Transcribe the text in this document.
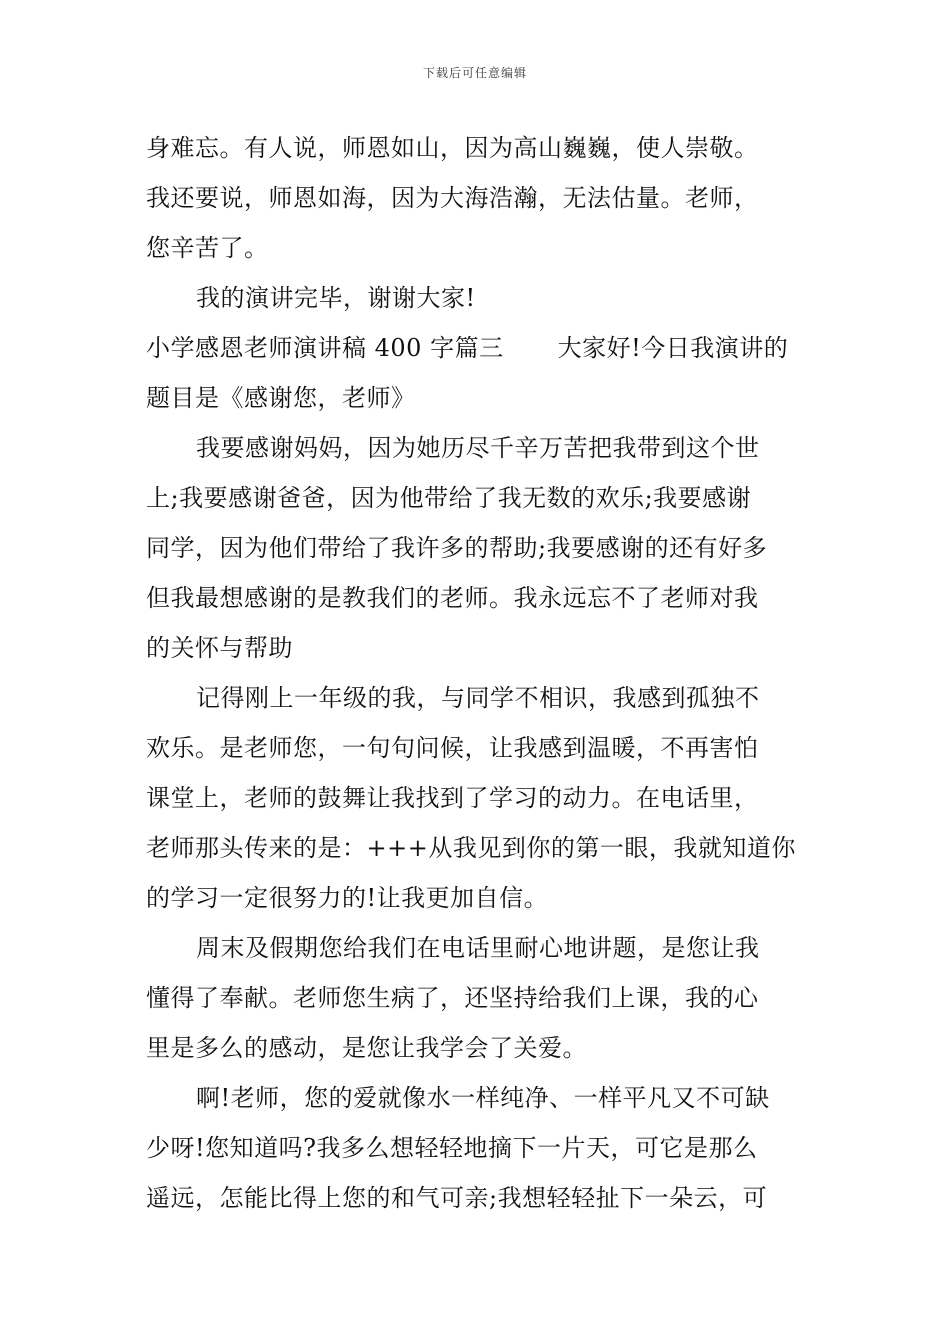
下载后可任意编辑
身难忘。有人说，师恩如山，因为高山巍巍，使人崇敬。
我还要说，师恩如海，因为大海浩瀚，无法估量。老师，
您辛苦了。
我的演讲完毕，谢谢大家!
小学感恩老师演讲稿 400 字篇三 大家好!今日我演讲的
题目是《感谢您，老师》
我要感谢妈妈，因为她历尽千辛万苦把我带到这个世
上;我要感谢爸爸，因为他带给了我无数的欢乐;我要感谢
同学，因为他们带给了我许多的帮助;我要感谢的还有好多
但我最想感谢的是教我们的老师。我永远忘不了老师对我
的关怀与帮助
记得刚上一年级的我，与同学不相识，我感到孤独不
欢乐。是老师您，一句句问候，让我感到温暖，不再害怕
课堂上，老师的鼓舞让我找到了学习的动力。在电话里，
老师那头传来的是：+++从我见到你的第一眼，我就知道你
的学习一定很努力的!让我更加自信。
周末及假期您给我们在电话里耐心地讲题，是您让我
懂得了奉献。老师您生病了，还坚持给我们上课，我的心
里是多么的感动，是您让我学会了关爱。
啊!老师，您的爱就像水一样纯净、一样平凡又不可缺
少呀!您知道吗?我多么想轻轻地摘下一片天，可它是那么
遥远，怎能比得上您的和气可亲;我想轻轻扯下一朵云，可
